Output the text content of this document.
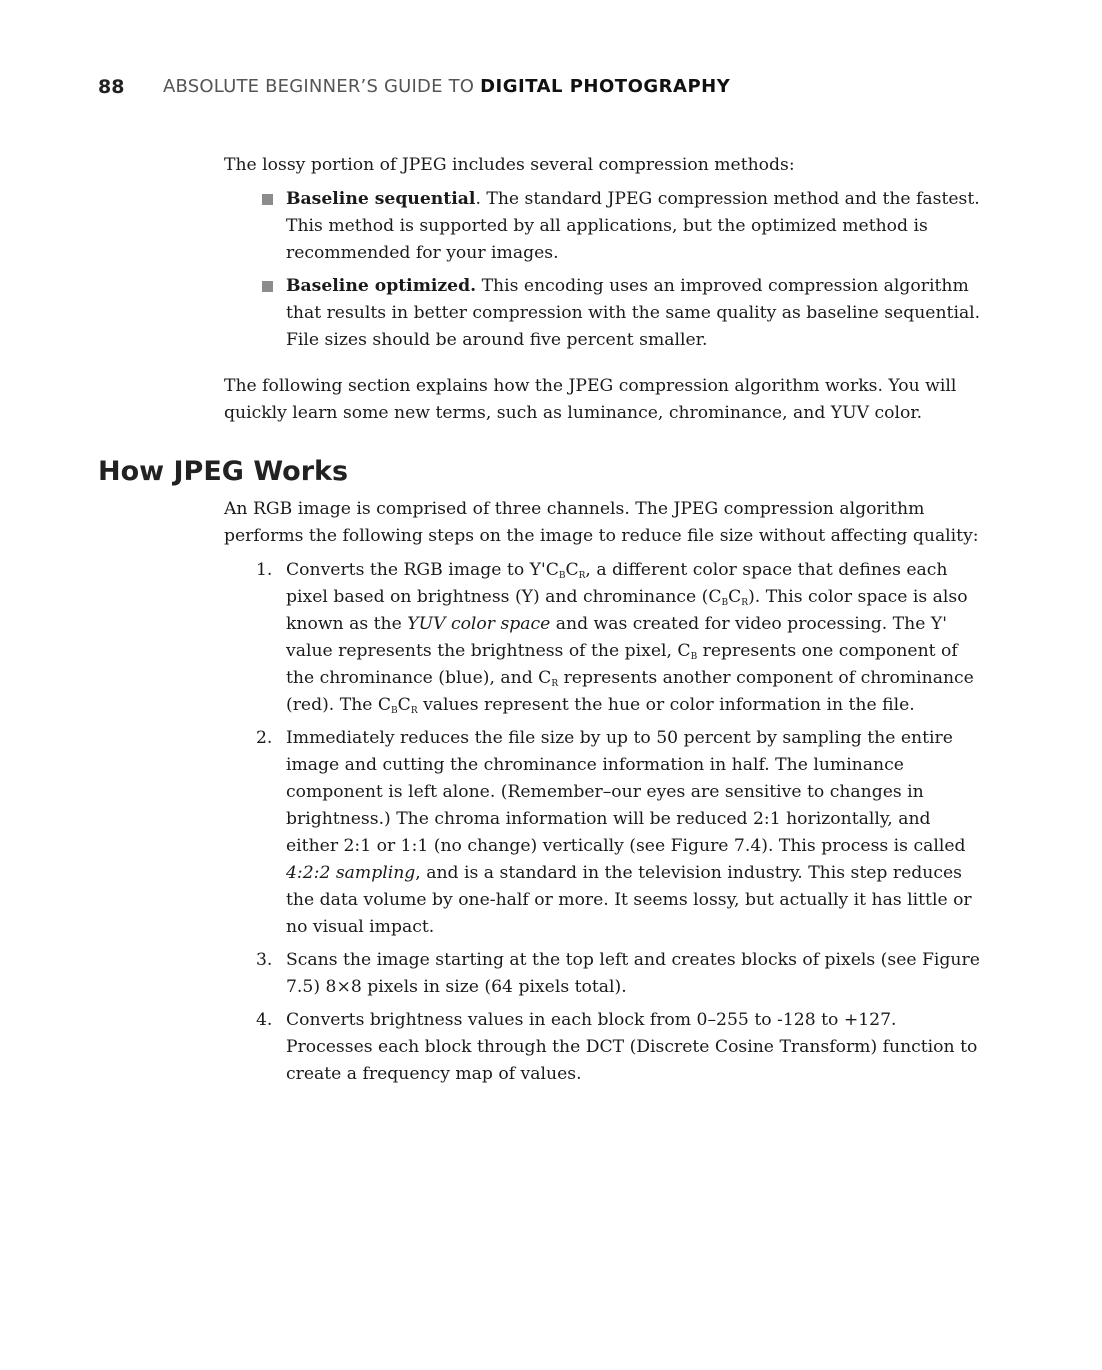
88 ABSOLUTE BEGINNER’S GUIDE TO DIGITAL PHOTOGRAPHY

The lossy portion of JPEG includes several compression methods:

Baseline sequential. The standard JPEG compression method and the fastest. This method is supported by all applications, but the optimized method is recommended for your images.
Baseline optimized. This encoding uses an improved compression algorithm that results in better compression with the same quality as baseline sequential. File sizes should be around five percent smaller.

The following section explains how the JPEG compression algorithm works. You will quickly learn some new terms, such as luminance, chrominance, and YUV color.

How JPEG Works

An RGB image is comprised of three channels. The JPEG compression algorithm performs the following steps on the image to reduce file size without affecting quality:

1. Converts the RGB image to $Y'C_BC_R$, a different color space that defines each pixel based on brightness (Y) and chrominance $(C_BC_R)$. This color space is also known as the YUV color space and was created for video processing. The Y' value represents the brightness of the pixel, $C_B$ represents one component of the chrominance (blue), and $C_R$ represents another component of chrominance (red). The $C_BC_R$ values represent the hue or color information in the file.
2. Immediately reduces the file size by up to 50 percent by sampling the entire image and cutting the chrominance information in half. The luminance component is left alone. (Remember–our eyes are sensitive to changes in brightness.) The chroma information will be reduced 2:1 horizontally, and either 2:1 or 1:1 (no change) vertically (see Figure 7.4). This process is called 4:2:2 sampling, and is a standard in the television industry. This step reduces the data volume by one-half or more. It seems lossy, but actually it has little or no visual impact.
3. Scans the image starting at the top left and creates blocks of pixels (see Figure 7.5) 8×8 pixels in size (64 pixels total).
4. Converts brightness values in each block from 0–255 to -128 to +127. Processes each block through the DCT (Discrete Cosine Transform) function to create a frequency map of values.
